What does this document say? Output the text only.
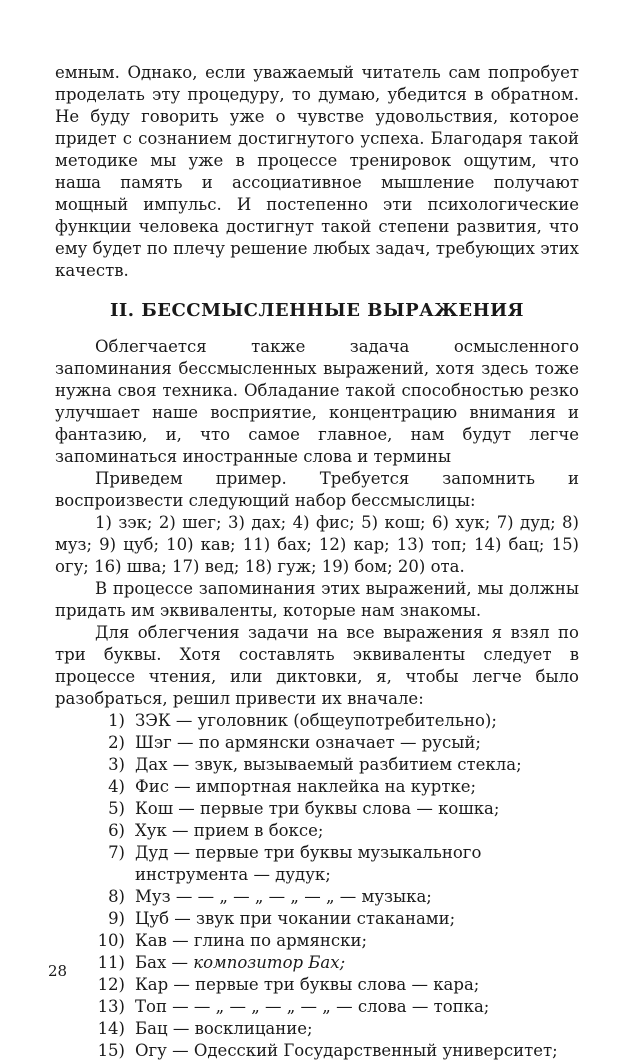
емным. Однако, если уважаемый читатель сам попробует проделать эту процедуру, то думаю, убедится в обратном. Не буду говорить уже о чувстве удовольствия, которое придет с сознанием достигнутого успеха. Благодаря такой методике мы уже в процессе тренировок ощутим, что наша память и ассоциативное мышление получают мощный импульс. И постепенно эти психологические функции человека достигнут такой степени развития, что ему будет по плечу решение любых задач, требующих этих качеств.

II. БЕССМЫСЛЕННЫЕ ВЫРАЖЕНИЯ

Облегчается также задача осмысленного запоминания бессмысленных выражений, хотя здесь тоже нужна своя техника. Обладание такой способностью резко улучшает наше восприятие, концентрацию внимания и фантазию, и, что самое главное, нам будут легче запоминаться иностранные слова и термины

Приведем пример. Требуется запомнить и воспроизвести следующий набор бессмыслицы:

1) зэк; 2) шег; 3) дах; 4) фис; 5) кош; 6) хук; 7) дуд; 8) муз; 9) цуб; 10) кав; 11) бах; 12) кар; 13) топ; 14) бац; 15) огу; 16) шва; 17) вед; 18) гуж; 19) бом; 20) ота.

В процессе запоминания этих выражений, мы должны придать им эквиваленты, которые нам знакомы.

Для облегчения задачи на все выражения я взял по три буквы. Хотя составлять эквиваленты следует в процессе чтения, или диктовки, я, чтобы легче было разобраться, решил привести их вначале:

1) ЗЭК — уголовник (общеупотребительно);
2) Шэг — по армянски означает — русый;
3) Дах — звук, вызываемый разбитием стекла;
4) Фис — импортная наклейка на куртке;
5) Кош — первые три буквы слова — кошка;
6) Хук — прием в боксе;
7) Дуд — первые три буквы музыкального инструмента — дудук;
8) Муз — — „ — „ — „ — „ — музыка;
9) Цуб — звук при чокании стаканами;
10) Кав — глина по армянски;
11) Бах — композитор Бах;
12) Кар — первые три буквы слова — кара;
13) Топ — — „ — „ — „ — „ — слова — топка;
14) Бац — восклицание;
15) Огу — Одесский Государственный университет;
28
